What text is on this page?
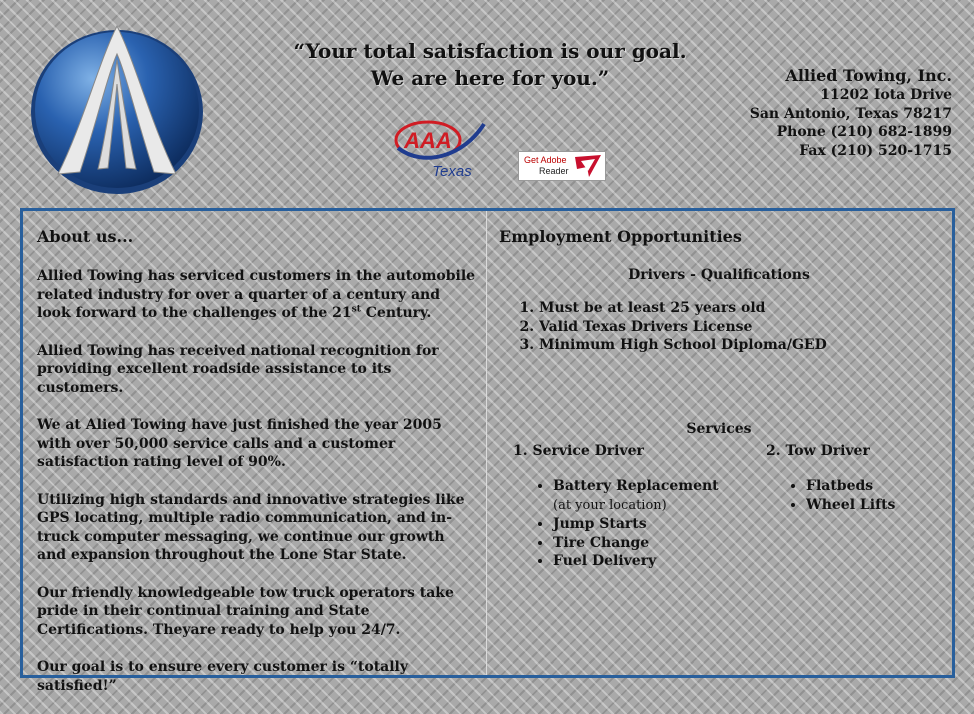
“Your total satisfaction is our goal.
We are here for you.”
AAA
Texas
Get Adobe
Reader
Allied Towing, Inc.
11202 Iota Drive
San Antonio, Texas 78217
Phone (210) 682-1899
Fax (210) 520-1715
About us...

Allied Towing has serviced customers in the automobile related industry for over a quarter of a century and look forward to the challenges of the 21st Century.

Allied Towing has received national recognition for providing excellent roadside assistance to its customers.

We at Alied Towing have just finished the year 2005 with over 50,000 service calls and a customer satisfaction rating level of 90%.

Utilizing high standards and innovative strategies like GPS locating, multiple radio communication, and in-truck computer messaging, we continue our growth and expansion throughout the Lone Star State.

Our friendly knowledgeable tow truck operators take pride in their continual training and State Certifications. Theyare ready to help you 24/7.

Our goal is to ensure every customer is “totally satisfied!”

Employment Opportunities
Drivers - Qualifications
1. Must be at least 25 years old
2. Valid Texas Drivers License
3. Minimum High School Diploma/GED
Services
1. Service Driver
• Battery Replacement
(at your location)
• Jump Starts
• Tire Change
• Fuel Delivery
2. Tow Driver
• Flatbeds
• Wheel Lifts
